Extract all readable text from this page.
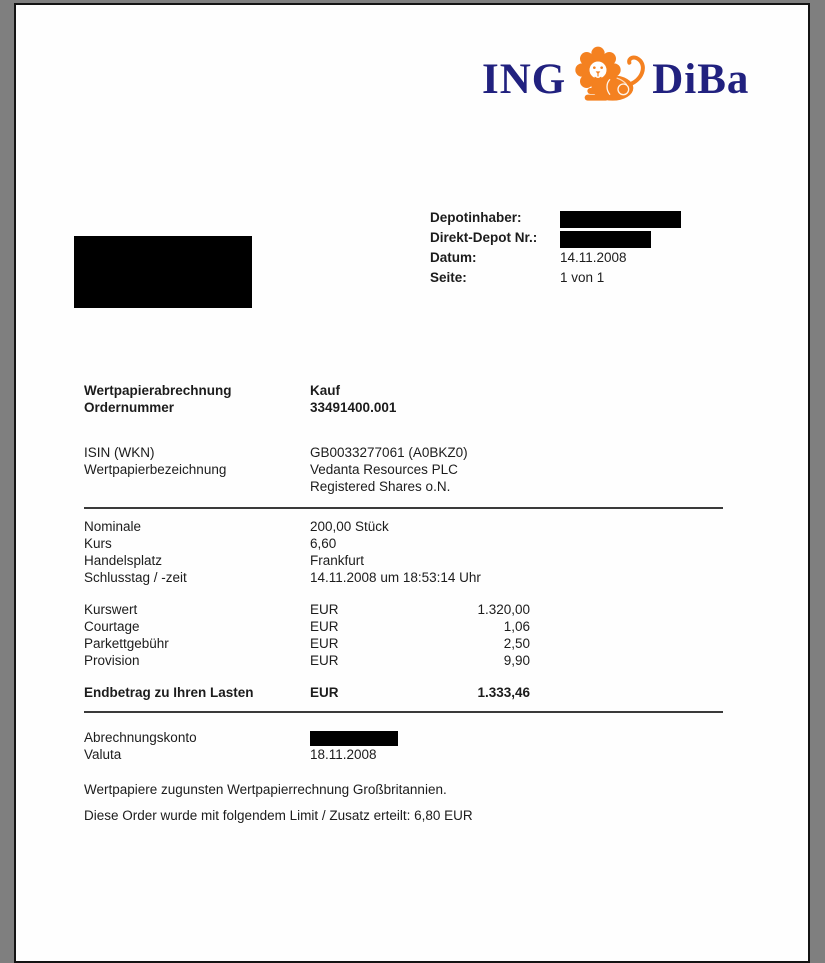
ING DiBa
Depotinhaber:
Direkt-Depot Nr.:
Datum:	14.11.2008
Seite:	1 von 1
Wertpapierabrechnung	Kauf
Ordernummer	33491400.001
ISIN (WKN)	GB0033277061 (A0BKZ0)
Wertpapierbezeichnung	Vedanta Resources PLC
Registered Shares o.N.
Nominale	200,00 Stück
Kurs	6,60
Handelsplatz	Frankfurt
Schlusstag / -zeit	14.11.2008 um 18:53:14 Uhr
Kurswert	EUR	1.320,00
Courtage	EUR	1,06
Parkettgebühr	EUR	2,50
Provision	EUR	9,90
Endbetrag zu Ihren Lasten	EUR	1.333,46
Abrechnungskonto
Valuta	18.11.2008
Wertpapiere zugunsten Wertpapierrechnung Großbritannien.
Diese Order wurde mit folgendem Limit / Zusatz erteilt: 6,80 EUR
